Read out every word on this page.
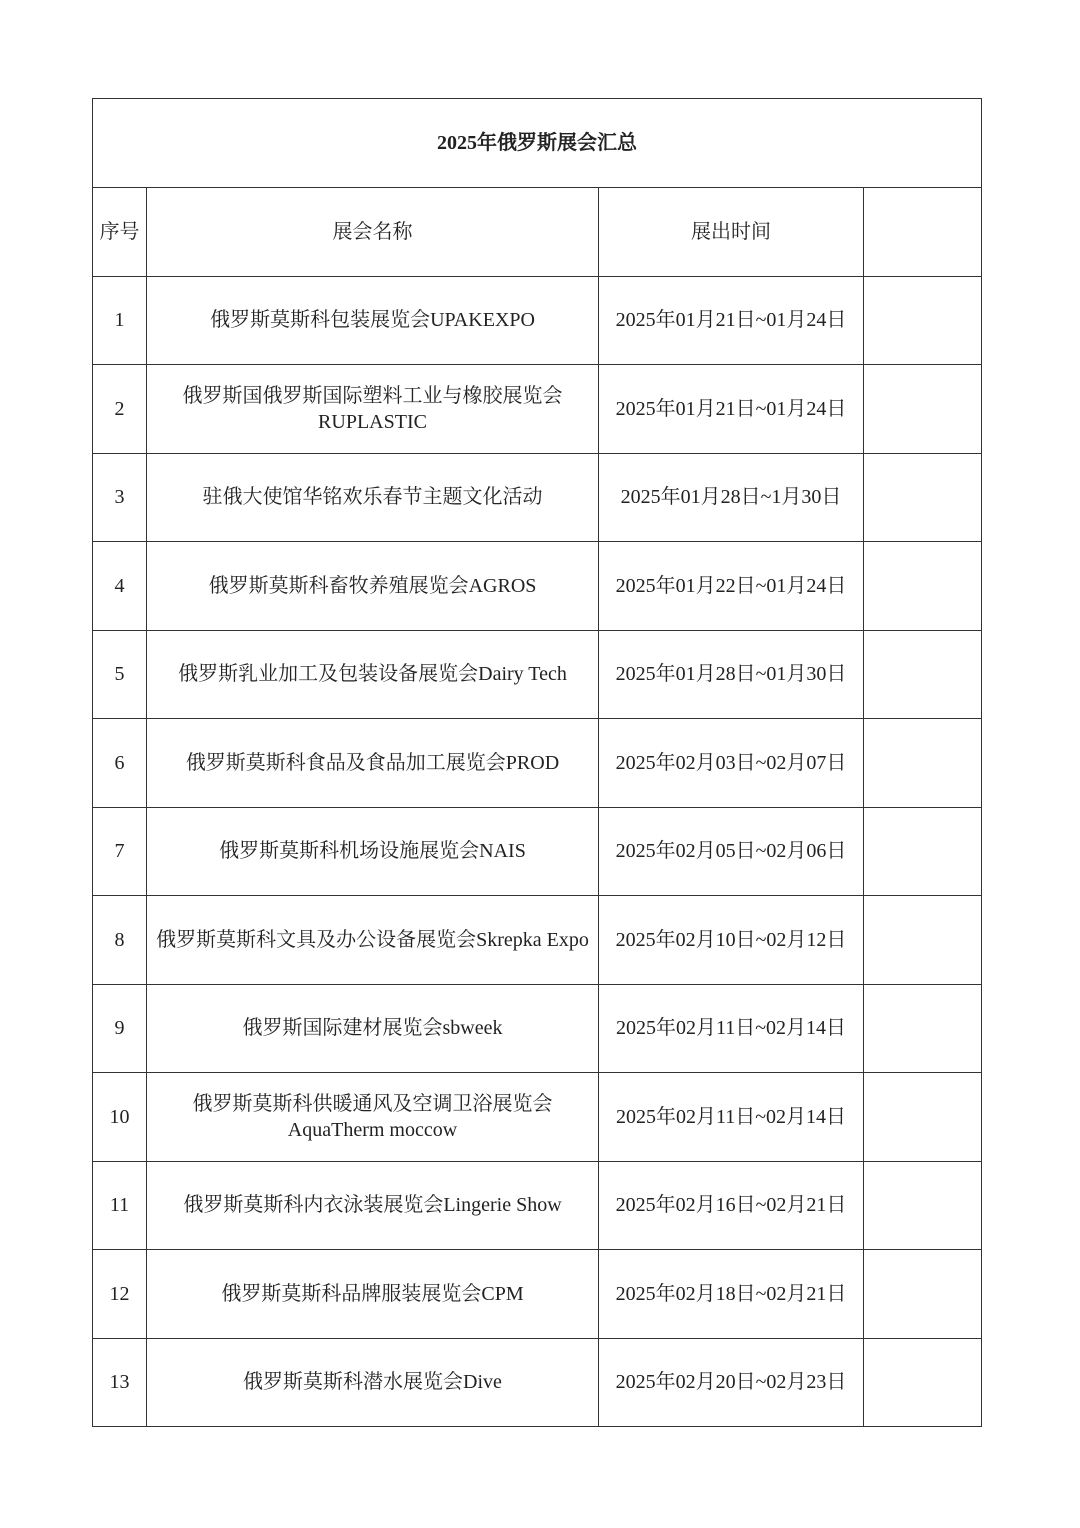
2025年俄罗斯展会汇总			
序号	展会名称	展出时间	
1	俄罗斯莫斯科包装展览会UPAKEXPO	2025年01月21日~01月24日	
2	俄罗斯国俄罗斯国际塑料工业与橡胶展览会RUPLASTIC	2025年01月21日~01月24日	
3	驻俄大使馆华铭欢乐春节主题文化活动	2025年01月28日~1月30日	
4	俄罗斯莫斯科畜牧养殖展览会AGROS	2025年01月22日~01月24日	
5	俄罗斯乳业加工及包装设备展览会Dairy Tech	2025年01月28日~01月30日	
6	俄罗斯莫斯科食品及食品加工展览会PROD	2025年02月03日~02月07日	
7	俄罗斯莫斯科机场设施展览会NAIS	2025年02月05日~02月06日	
8	俄罗斯莫斯科文具及办公设备展览会Skrepka Expo	2025年02月10日~02月12日	
9	俄罗斯国际建材展览会sbweek	2025年02月11日~02月14日	
10	俄罗斯莫斯科供暖通风及空调卫浴展览会AquaTherm moccow	2025年02月11日~02月14日	
11	俄罗斯莫斯科内衣泳装展览会Lingerie Show	2025年02月16日~02月21日	
12	俄罗斯莫斯科品牌服装展览会CPM	2025年02月18日~02月21日	
13	俄罗斯莫斯科潜水展览会Dive	2025年02月20日~02月23日	
